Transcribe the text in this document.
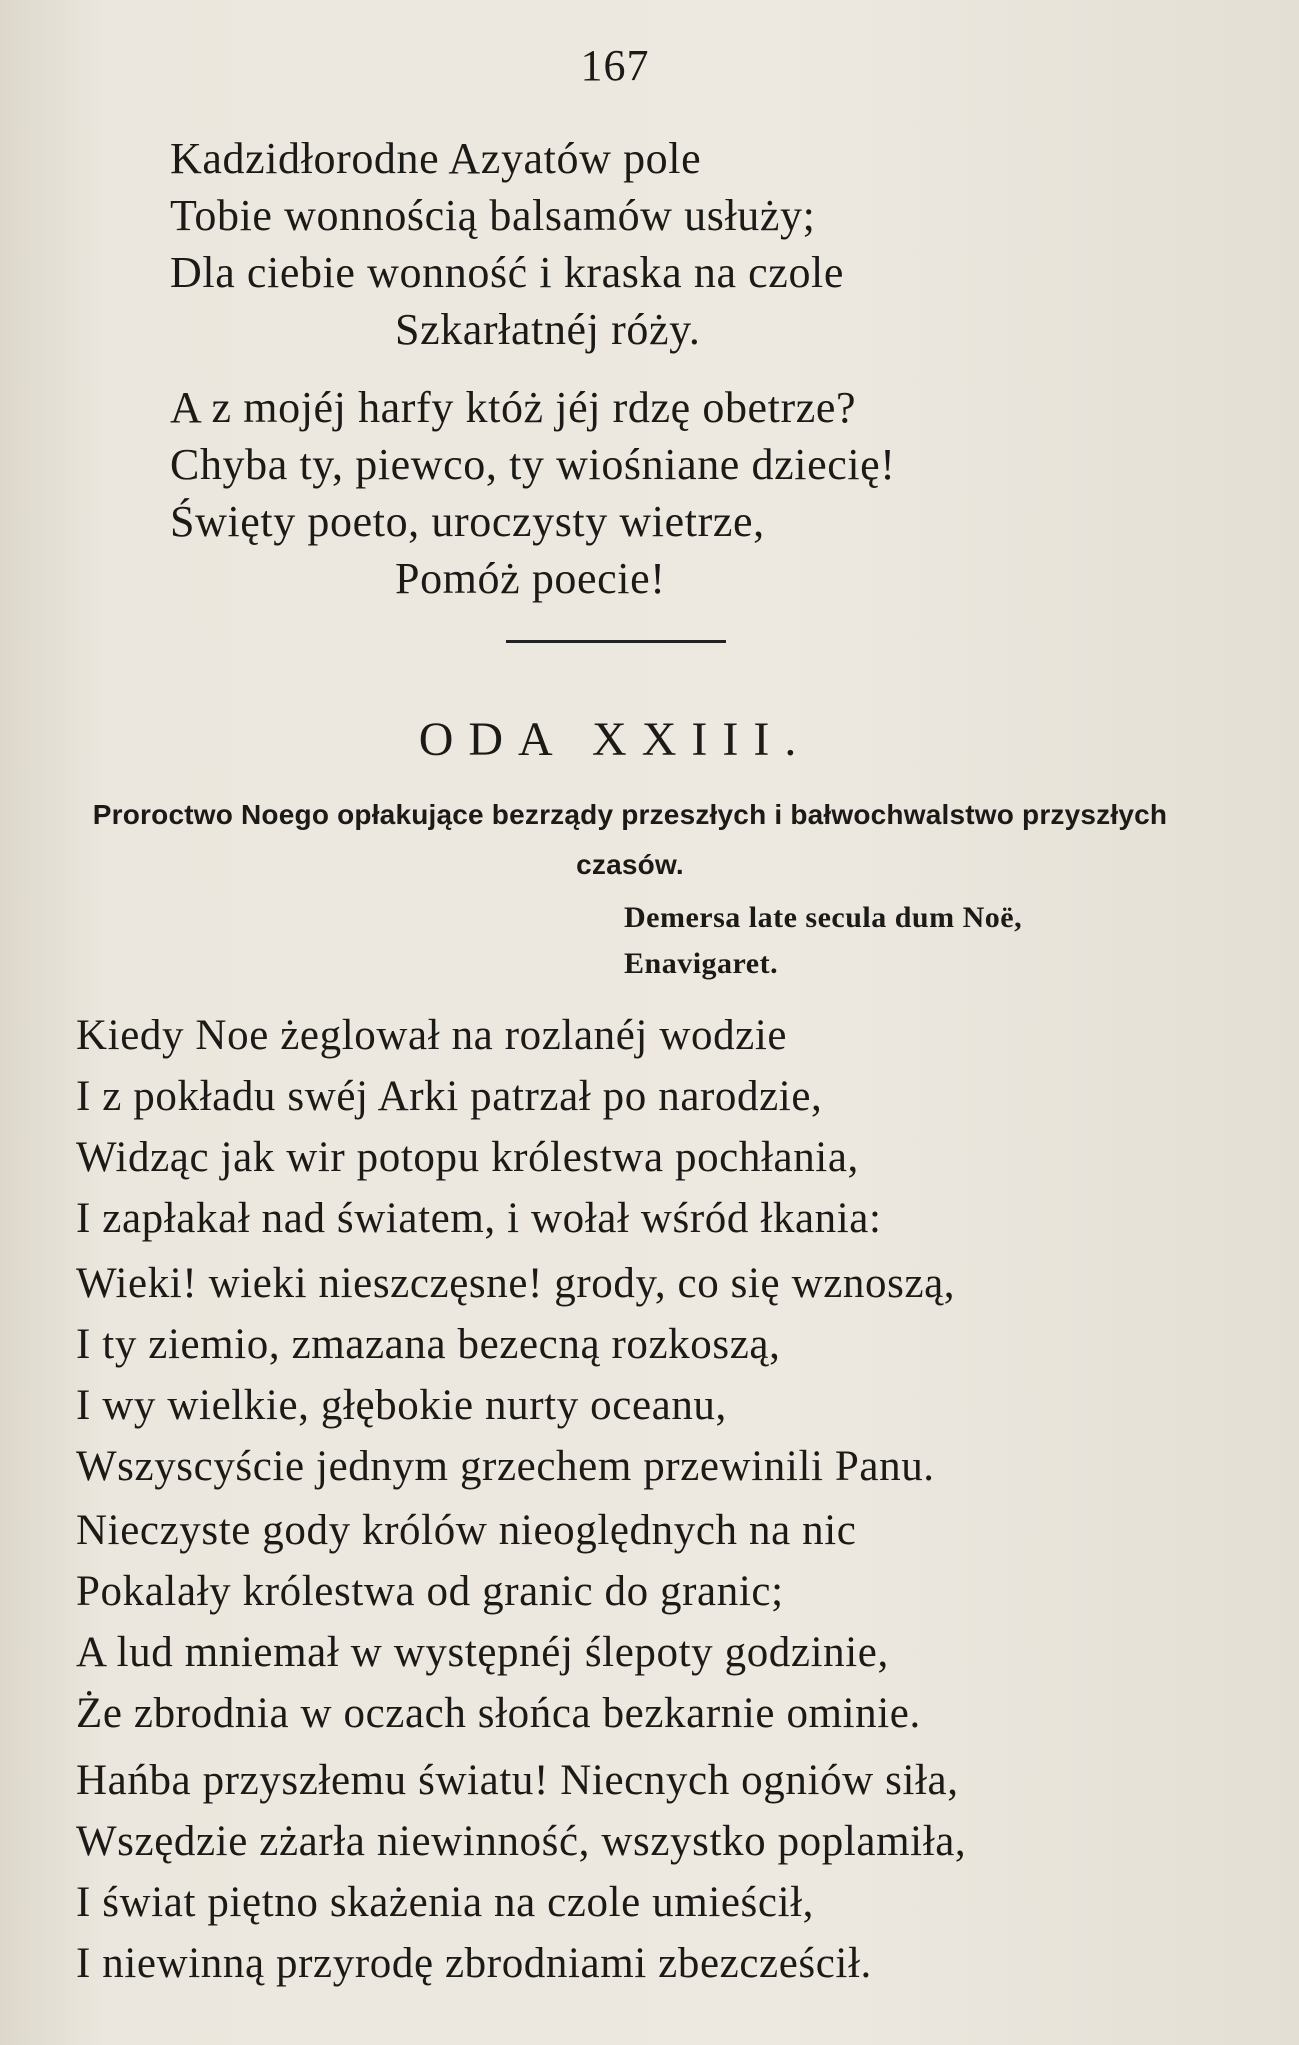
167
Kadzidłorodne Azyatów pole
Tobie wonnością balsamów usłuży;
Dla ciebie wonność i kraska na czole
Szkarłatnéj róży.
A z mojéj harfy któż jéj rdzę obetrze?
Chyba ty, piewco, ty wiośniane dziecię!
Święty poeto, uroczysty wietrze,
Pomóż poecie!
ODA XXIII.
Proroctwo Noego opłakujące bezrządy przeszłych i bałwochwalstwo przyszłych czasów.
Demersa late secula dum Noë,
Enavigaret.
Kiedy Noe żeglował na rozlanéj wodzie
I z pokładu swéj Arki patrzał po narodzie,
Widząc jak wir potopu królestwa pochłania,
I zapłakał nad światem, i wołał wśród łkania:
Wieki! wieki nieszczęsne! grody, co się wznoszą,
I ty ziemio, zmazana bezecną rozkoszą,
I wy wielkie, głębokie nurty oceanu,
Wszyscyście jednym grzechem przewinili Panu.
Nieczyste gody królów nieoględnych na nic
Pokalały królestwa od granic do granic;
A lud mniemał w występnéj ślepoty godzinie,
Że zbrodnia w oczach słońca bezkarnie ominie.
Hańba przyszłemu światu! Niecnych ogniów siła,
Wszędzie zżarła niewinność, wszystko poplamiła,
I świat piętno skażenia na czole umieścił,
I niewinną przyrodę zbrodniami zbezcześcił.
